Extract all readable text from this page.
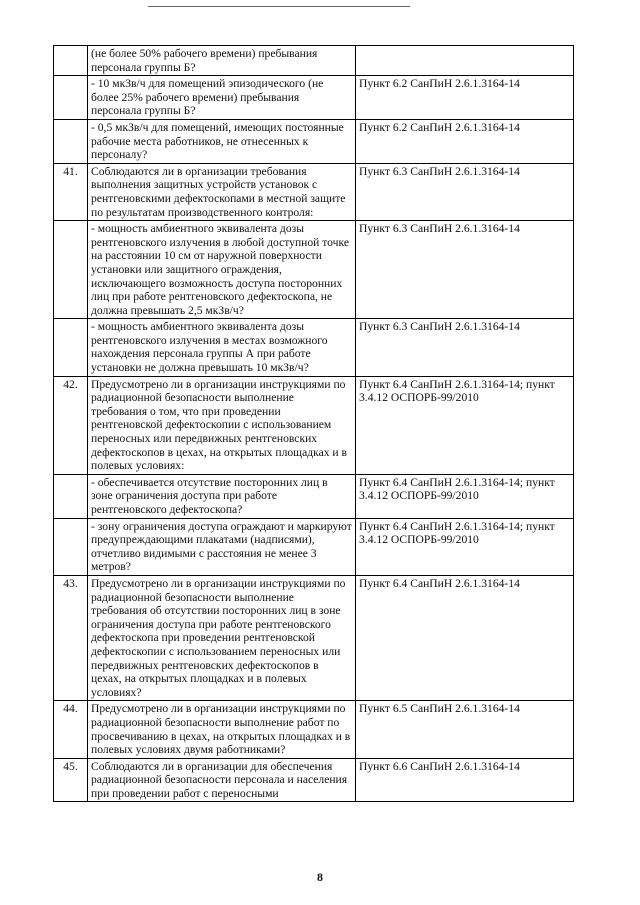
	(не более 50% рабочего времени) пребывания персонала группы Б?	
	- 10 мкЗв/ч для помещений эпизодического (не более 25% рабочего времени) пребывания персонала группы Б?	Пункт 6.2 СанПиН 2.6.1.3164-14
	- 0,5 мкЗв/ч для помещений, имеющих постоянные рабочие места работников, не отнесенных к персоналу?	Пункт 6.2 СанПиН 2.6.1.3164-14
41.	Соблюдаются ли в организации требования выполнения защитных устройств установок с рентгеновскими дефектоскопами в местной защите по результатам производственного контроля:	Пункт 6.3 СанПиН 2.6.1.3164-14
	- мощность амбиентного эквивалента дозы рентгеновского излучения в любой доступной точке на расстоянии 10 см от наружной поверхности установки или защитного ограждения, исключающего возможность доступа посторонних лиц при работе рентгеновского дефектоскопа, не должна превышать 2,5 мкЗв/ч?	Пункт 6.3 СанПиН 2.6.1.3164-14
	- мощность амбиентного эквивалента дозы рентгеновского излучения в местах возможного нахождения персонала группы А при работе установки не должна превышать 10 мкЗв/ч?	Пункт 6.3 СанПиН 2.6.1.3164-14
42.	Предусмотрено ли в организации инструкциями по радиационной безопасности выполнение требования о том, что при проведении рентгеновской дефектоскопии с использованием переносных или передвижных рентгеновских дефектоскопов в цехах, на открытых площадках и в полевых условиях:	Пункт 6.4 СанПиН 2.6.1.3164-14; пункт 3.4.12 ОСПОРБ-99/2010
	- обеспечивается отсутствие посторонних лиц в зоне ограничения доступа при работе рентгеновского дефектоскопа?	Пункт 6.4 СанПиН 2.6.1.3164-14; пункт 3.4.12 ОСПОРБ-99/2010
	- зону ограничения доступа ограждают и маркируют предупреждающими плакатами (надписями), отчетливо видимыми с расстояния не менее 3 метров?	Пункт 6.4 СанПиН 2.6.1.3164-14; пункт 3.4.12 ОСПОРБ-99/2010
43.	Предусмотрено ли в организации инструкциями по радиационной безопасности выполнение требования об отсутствии посторонних лиц в зоне ограничения доступа при работе рентгеновского дефектоскопа при проведении рентгеновской дефектоскопии с использованием переносных или передвижных рентгеновских дефектоскопов в цехах, на открытых площадках и в полевых условиях?	Пункт 6.4 СанПиН 2.6.1.3164-14
44.	Предусмотрено ли в организации инструкциями по радиационной безопасности выполнение работ по просвечиванию в цехах, на открытых площадках и в полевых условиях двумя работниками?	Пункт 6.5 СанПиН 2.6.1.3164-14
45.	Соблюдаются ли в организации для обеспечения радиационной безопасности персонала и населения при проведении работ с переносными	Пункт 6.6 СанПиН 2.6.1.3164-14
8
